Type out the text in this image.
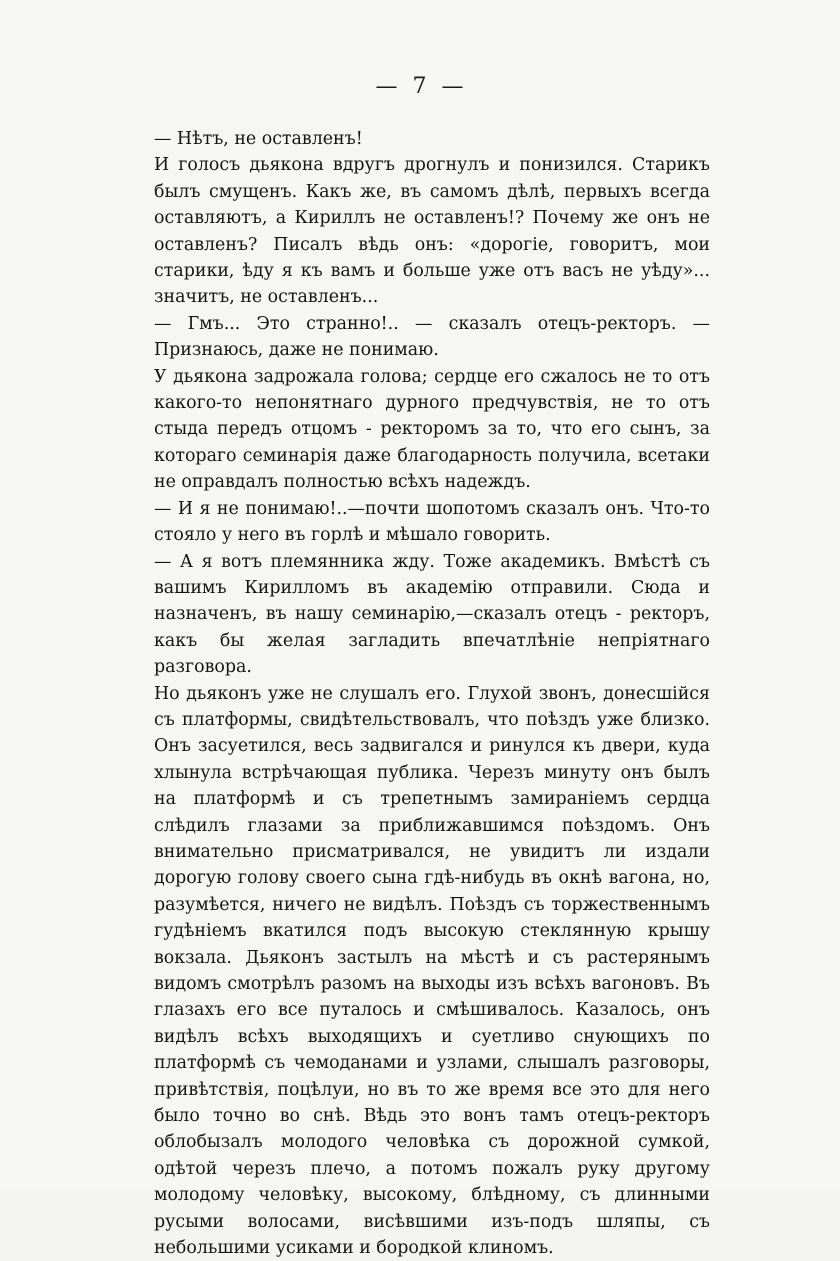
— 7 —

— Нѣтъ, не оставленъ!

И голосъ дьякона вдругъ дрогнулъ и понизился. Старикъ былъ смущенъ. Какъ же, въ самомъ дѣлѣ, первыхъ всегда оставляютъ, а Кириллъ не оставленъ!? Почему же онъ не оставленъ? Писалъ вѣдь онъ: «дорогіе, говоритъ, мои старики, ѣду я къ вамъ и больше уже отъ васъ не уѣду»... значитъ, не оставленъ...

— Гмъ... Это странно!.. — сказалъ отецъ-ректоръ. — Признаюсь, даже не понимаю.

У дьякона задрожала голова; сердце его сжалось не то отъ какого-то непонятнаго дурного предчувствія, не то отъ стыда передъ отцомъ - ректоромъ за то, что его сынъ, за котораго семинарія даже благодарность получила, всетаки не оправдалъ полностью всѣхъ надеждъ.

— И я не понимаю!..—почти шопотомъ сказалъ онъ. Что-то стояло у него въ горлѣ и мѣшало говорить.

— А я вотъ племянника жду. Тоже академикъ. Вмѣстѣ съ вашимъ Кирилломъ въ академію отправили. Сюда и назначенъ, въ нашу семинарію,—сказалъ отецъ - ректоръ, какъ бы желая загладить впечатлѣніе непріятнаго разговора.

Но дьяконъ уже не слушалъ его. Глухой звонъ, донесшійся съ платформы, свидѣтельствовалъ, что поѣздъ уже близко. Онъ засуетился, весь задвигался и ринулся къ двери, куда хлынула встрѣчающая публика. Черезъ минуту онъ былъ на платформѣ и съ трепетнымъ замираніемъ сердца слѣдилъ глазами за приближавшимся поѣздомъ. Онъ внимательно присматривался, не увидитъ ли издали дорогую голову своего сына гдѣ-нибудь въ окнѣ вагона, но, разумѣется, ничего не видѣлъ. Поѣздъ съ торжественнымъ гудѣніемъ вкатился подъ высокую стеклянную крышу вокзала. Дьяконъ застылъ на мѣстѣ и съ растерянымъ видомъ смотрѣлъ разомъ на выходы изъ всѣхъ вагоновъ. Въ глазахъ его все путалось и смѣшивалось. Казалось, онъ видѣлъ всѣхъ выходящихъ и суетливо снующихъ по платформѣ съ чемоданами и узлами, слышалъ разговоры, привѣтствія, поцѣлуи, но въ то же время все это для него было точно во снѣ. Вѣдь это вонъ тамъ отецъ-ректоръ облобызалъ молодого человѣка съ дорожной сумкой, одѣтой черезъ плечо, а потомъ пожалъ руку другому молодому человѣку, высокому, блѣдному, съ длинными русыми волосами, висѣвшими изъ-подъ шляпы, съ небольшими усиками и бородкой клиномъ.
